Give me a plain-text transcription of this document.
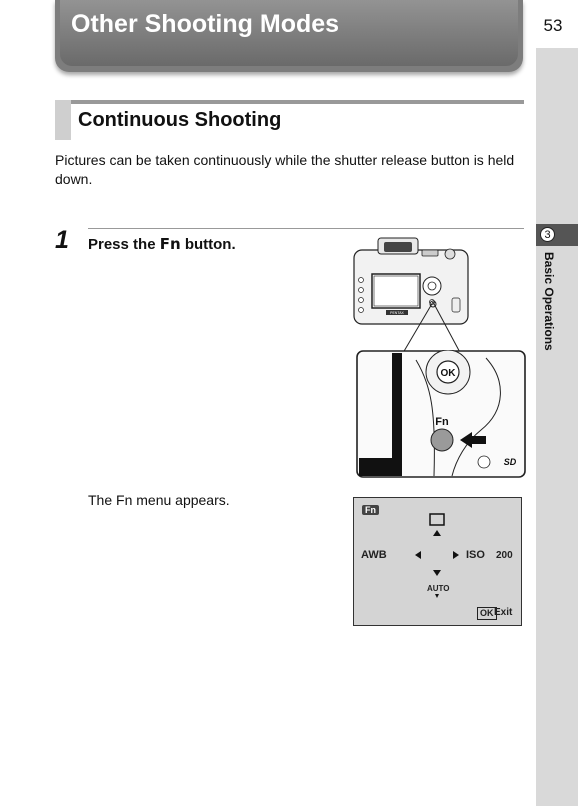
53
3
Basic Operations
Other Shooting Modes
Continuous Shooting
Pictures can be taken continuously while the shutter release button is held down.
1 Press the Fn button.
The Fn menu appears.
PENTAX
OK
Fn
SD
Fn
AWB	ISO 200
AUTO
OK Exit
